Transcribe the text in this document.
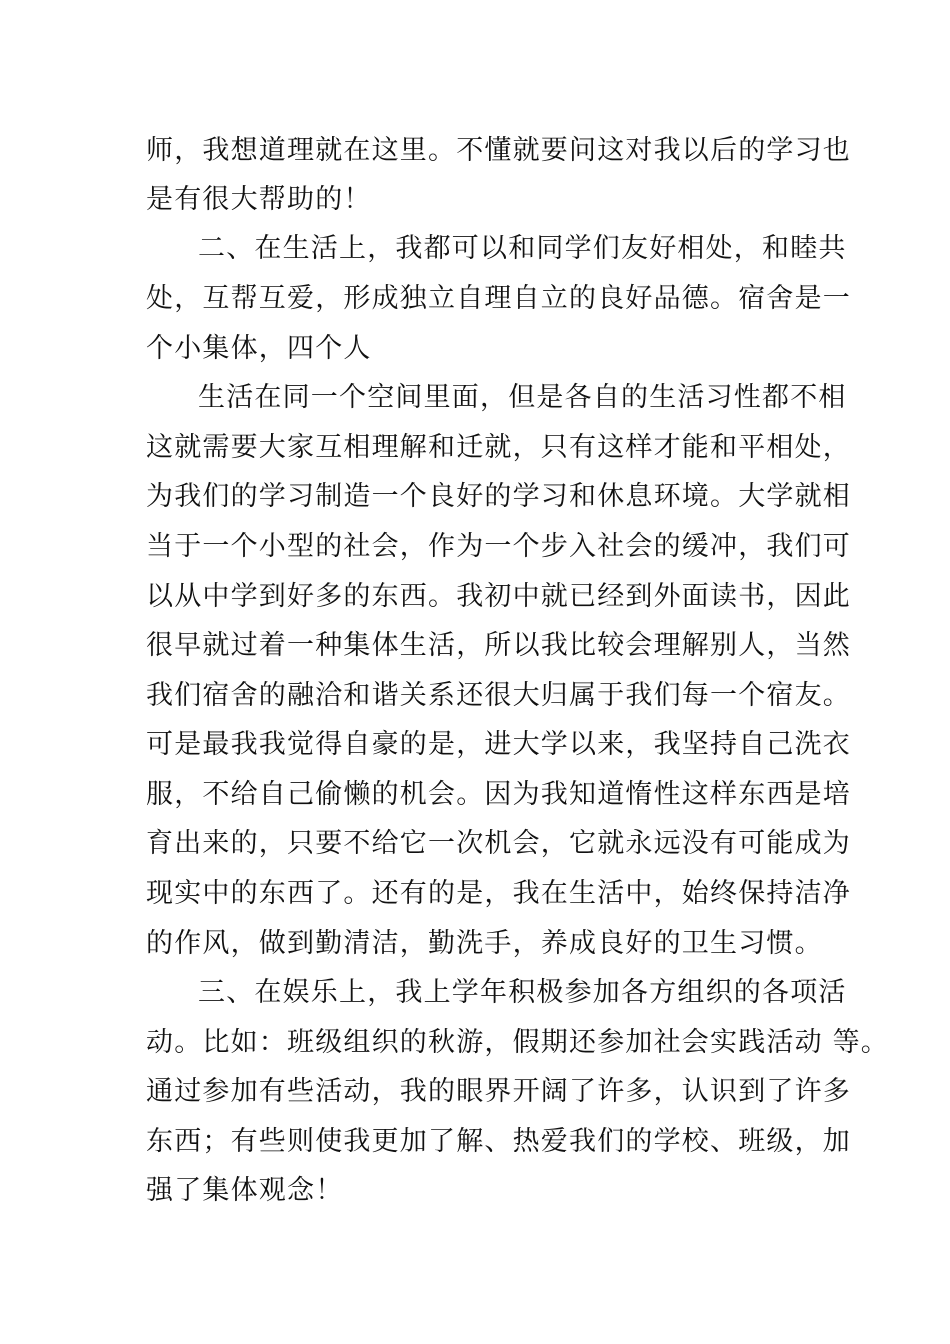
师，我想道理就在这里。不懂就要问这对我以后的学习也
是有很大帮助的！
二、在生活上，我都可以和同学们友好相处，和睦共
处，互帮互爱，形成独立自理自立的良好品德。宿舍是一
个小集体，四个人
生活在同一个空间里面，但是各自的生活习性都不相
这就需要大家互相理解和迁就，只有这样才能和平相处，
为我们的学习制造一个良好的学习和休息环境。大学就相
当于一个小型的社会，作为一个步入社会的缓冲，我们可
以从中学到好多的东西。我初中就已经到外面读书，因此
很早就过着一种集体生活，所以我比较会理解别人，当然
我们宿舍的融洽和谐关系还很大归属于我们每一个宿友。
可是最我我觉得自豪的是，进大学以来，我坚持自己洗衣
服，不给自己偷懒的机会。因为我知道惰性这样东西是培
育出来的，只要不给它一次机会，它就永远没有可能成为
现实中的东西了。还有的是，我在生活中，始终保持洁净
的作风，做到勤清洁，勤洗手，养成良好的卫生习惯。
三、在娱乐上，我上学年积极参加各方组织的各项活
动。比如：班级组织的秋游，假期还参加社会实践活动 等。
通过参加有些活动，我的眼界开阔了许多，认识到了许多
东西；有些则使我更加了解、热爱我们的学校、班级，加
强了集体观念！
